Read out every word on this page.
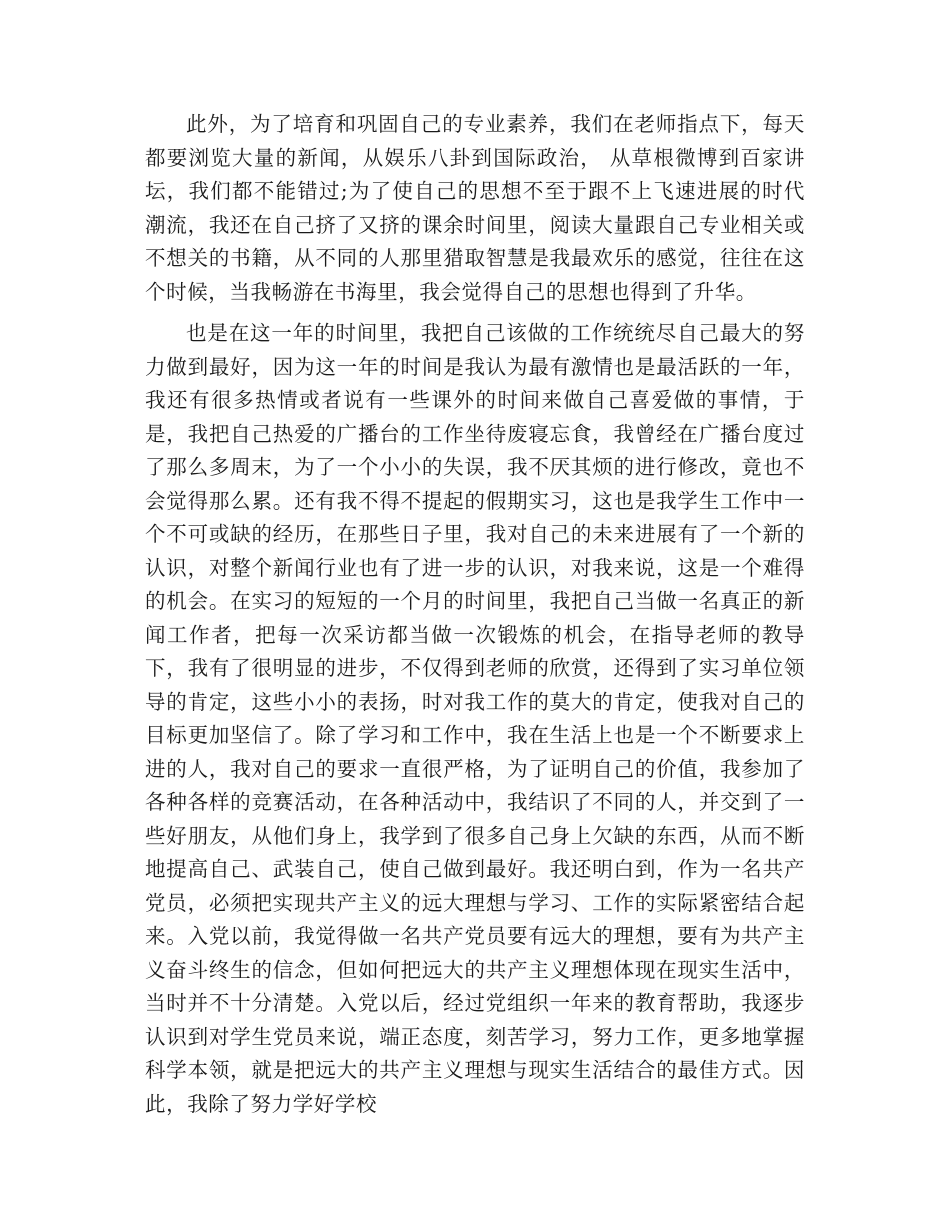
此外，为了培育和巩固自己的专业素养，我们在老师指点下，每天都要浏览大量的新闻，从娱乐八卦到国际政治， 从草根微博到百家讲坛，我们都不能错过;为了使自己的思想不至于跟不上飞速进展的时代潮流，我还在自己挤了又挤的课余时间里，阅读大量跟自己专业相关或不想关的书籍，从不同的人那里猎取智慧是我最欢乐的感觉，往往在这个时候，当我畅游在书海里，我会觉得自己的思想也得到了升华。

也是在这一年的时间里，我把自己该做的工作统统尽自己最大的努力做到最好，因为这一年的时间是我认为最有激情也是最活跃的一年，我还有很多热情或者说有一些课外的时间来做自己喜爱做的事情，于是，我把自己热爱的广播台的工作坐待废寝忘食，我曾经在广播台度过了那么多周末，为了一个小小的失误，我不厌其烦的进行修改，竟也不会觉得那么累。还有我不得不提起的假期实习，这也是我学生工作中一个不可或缺的经历，在那些日子里，我对自己的未来进展有了一个新的认识，对整个新闻行业也有了进一步的认识，对我来说，这是一个难得的机会。在实习的短短的一个月的时间里，我把自己当做一名真正的新闻工作者，把每一次采访都当做一次锻炼的机会，在指导老师的教导下，我有了很明显的进步，不仅得到老师的欣赏，还得到了实习单位领导的肯定，这些小小的表扬，时对我工作的莫大的肯定，使我对自己的目标更加坚信了。除了学习和工作中，我在生活上也是一个不断要求上进的人，我对自己的要求一直很严格，为了证明自己的价值，我参加了各种各样的竞赛活动，在各种活动中，我结识了不同的人，并交到了一些好朋友，从他们身上，我学到了很多自己身上欠缺的东西，从而不断地提高自己、武装自己，使自己做到最好。我还明白到，作为一名共产党员，必须把实现共产主义的远大理想与学习、工作的实际紧密结合起来。入党以前，我觉得做一名共产党员要有远大的理想，要有为共产主义奋斗终生的信念，但如何把远大的共产主义理想体现在现实生活中，当时并不十分清楚。入党以后，经过党组织一年来的教育帮助，我逐步认识到对学生党员来说，端正态度，刻苦学习，努力工作，更多地掌握科学本领，就是把远大的共产主义理想与现实生活结合的最佳方式。因此，我除了努力学好学校
